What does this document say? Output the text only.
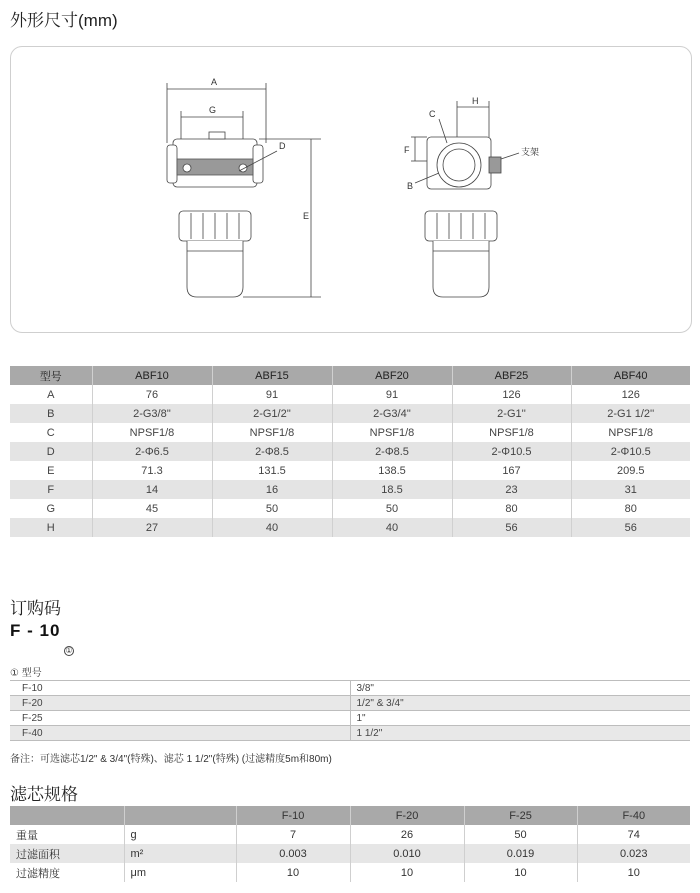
外形尺寸(mm)
A
G
D
E
C
H
F
B
支架
型号	ABF10	ABF15	ABF20	ABF25	ABF40
A	76	91	91	126	126
B	2-G3/8''	2-G1/2''	2-G3/4''	2-G1''	2-G1 1/2''
C	NPSF1/8	NPSF1/8	NPSF1/8	NPSF1/8	NPSF1/8
D	2-Φ6.5	2-Φ8.5	2-Φ8.5	2-Φ10.5	2-Φ10.5
E	71.3	131.5	138.5	167	209.5
F	14	16	18.5	23	31
G	45	50	50	80	80
H	27	40	40	56	56
订购码
F - 10
①
① 型号
F-10	3/8"
F-20	1/2" & 3/4"
F-25	1"
F-40	1 1/2"
备注：可选滤芯1/2" & 3/4"(特殊)、滤芯 1 1/2"(特殊) (过滤精度5m和80m)
滤芯规格
		F-10	F-20	F-25	F-40
重量	g	7	26	50	74
过滤面积	m²	0.003	0.010	0.019	0.023
过滤精度	μm	10	10	10	10
